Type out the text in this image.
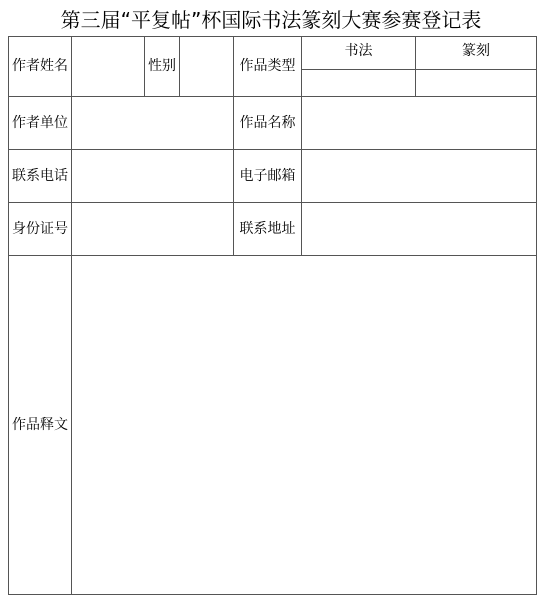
第三届“平复帖”杯国际书法篆刻大赛参赛登记表
作者姓名		性别		作品类型	书法	篆刻

作者单位				作品名称		

联系电话				电子邮箱		

身份证号				联系地址		

作品释文						
